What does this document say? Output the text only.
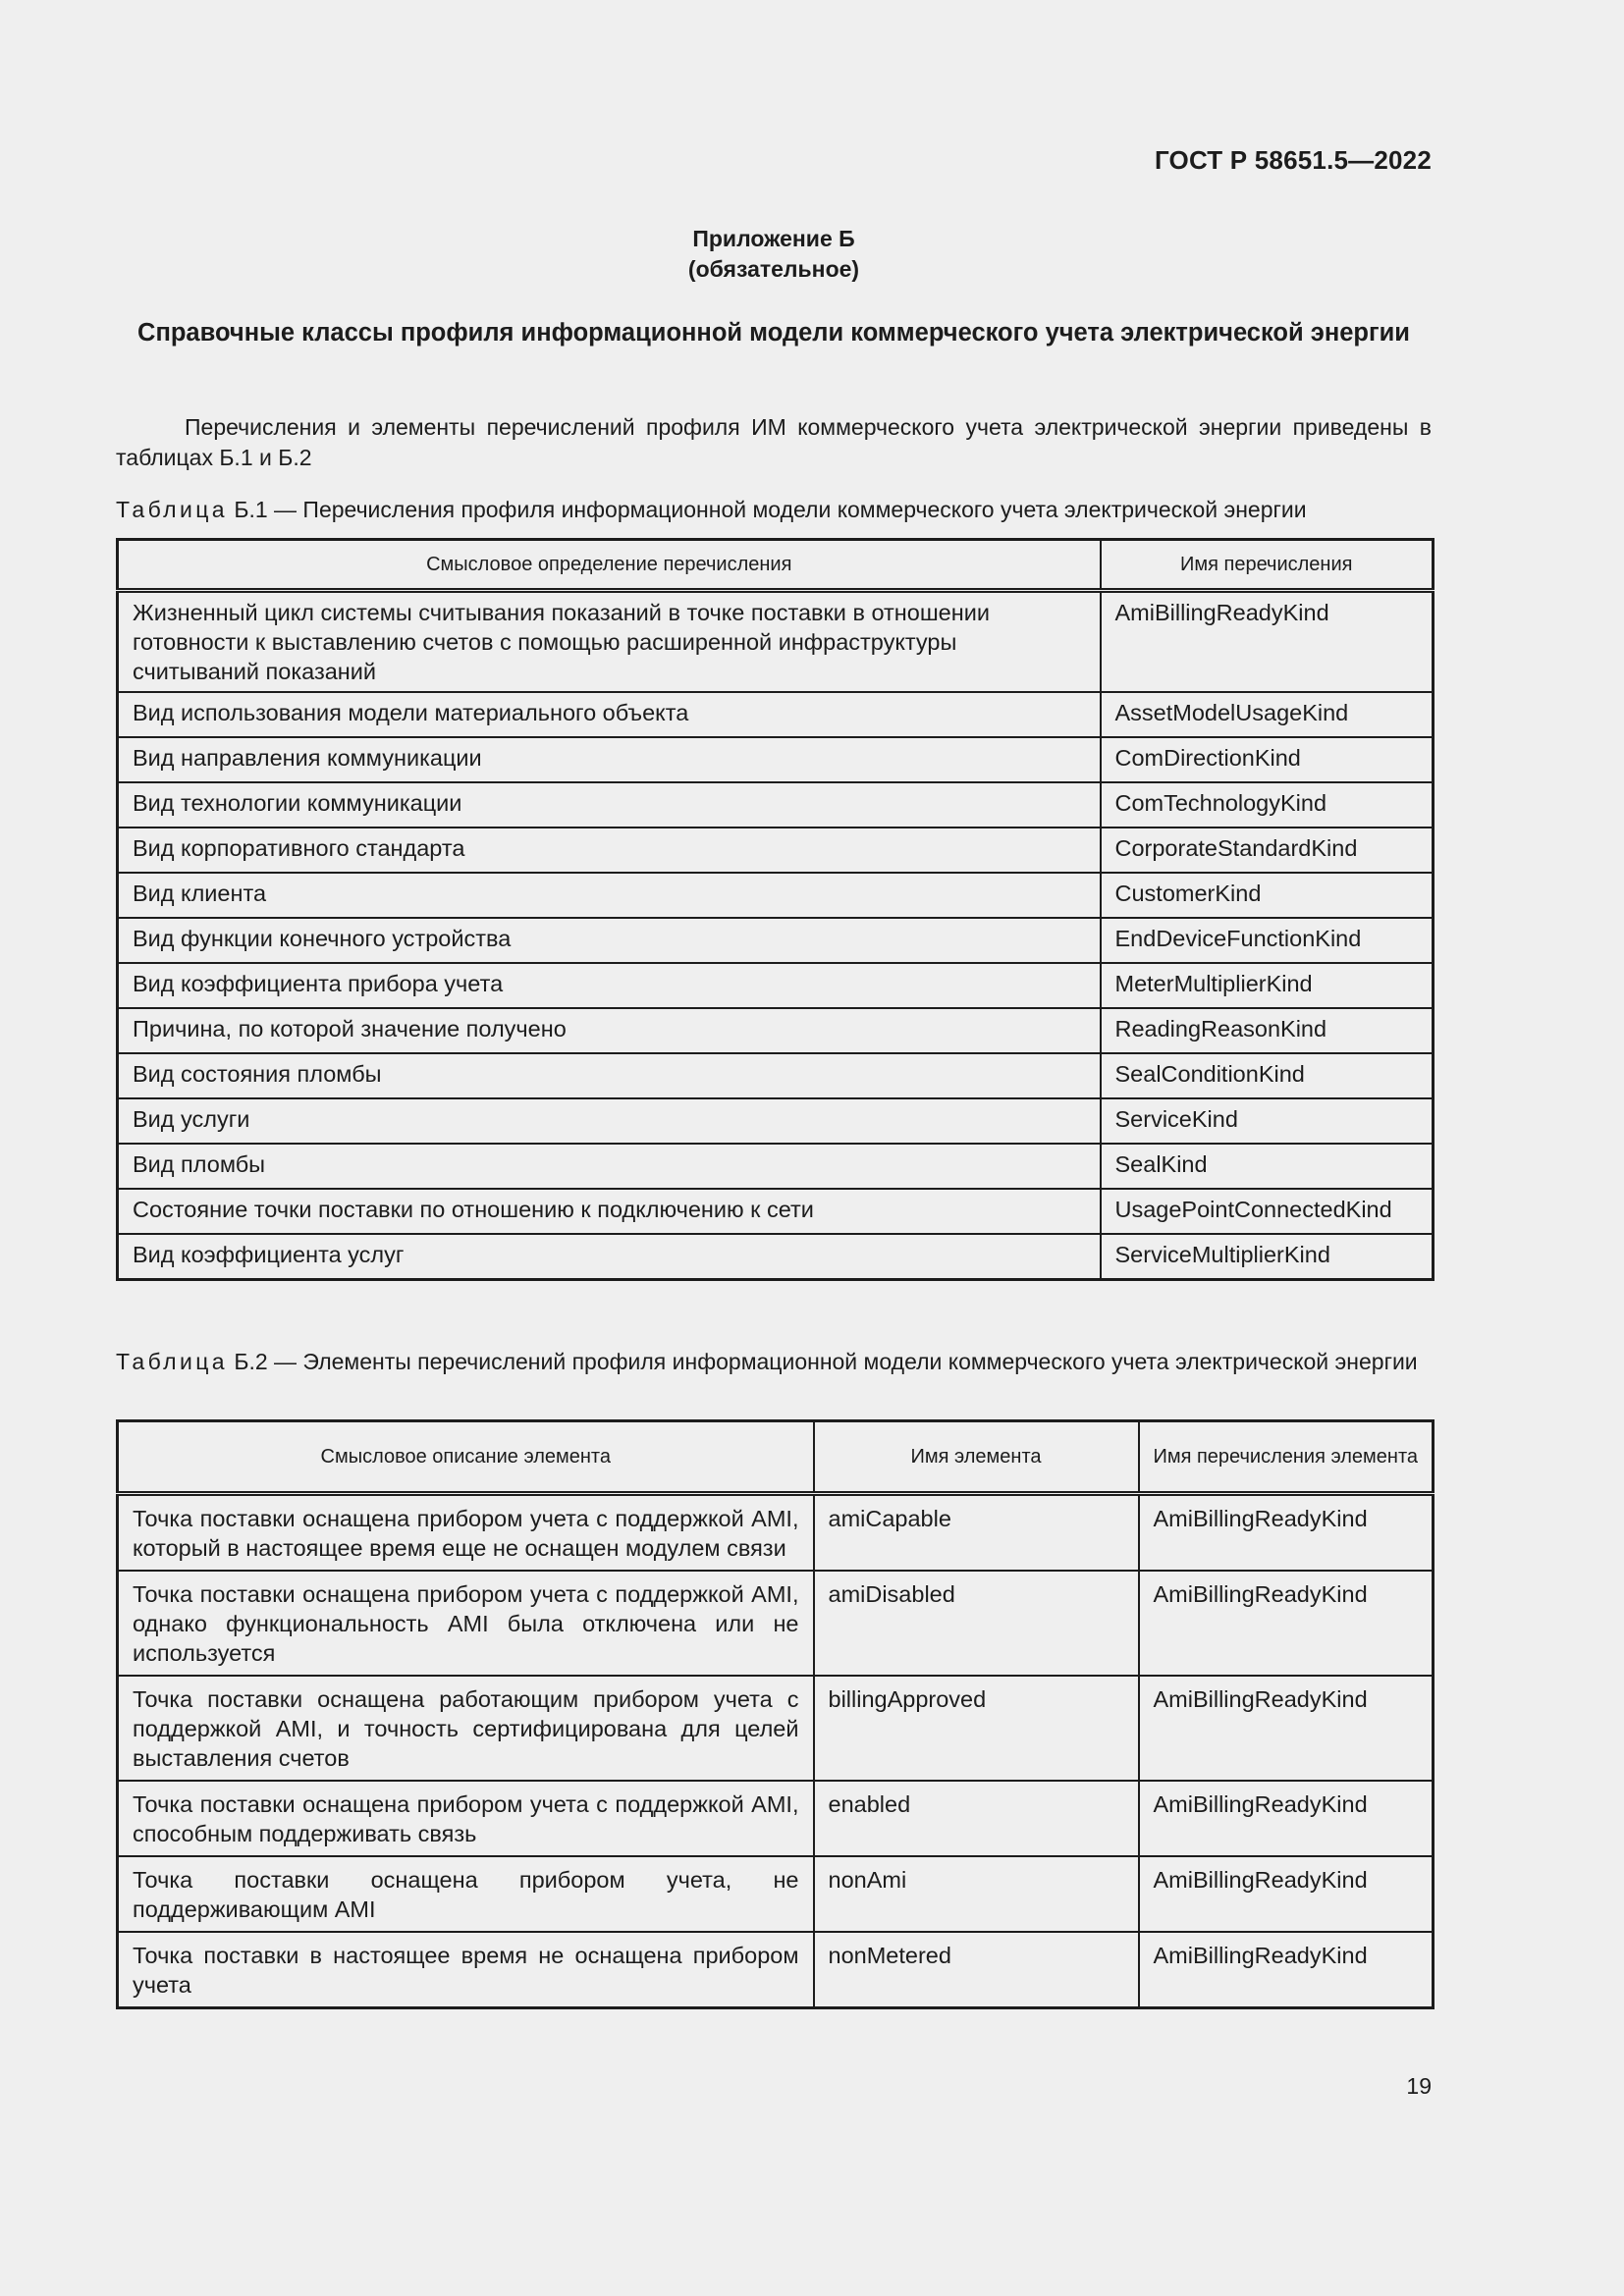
ГОСТ Р 58651.5—2022
Приложение Б
(обязательное)
Справочные классы профиля информационной модели коммерческого учета электрической энергии
Перечисления и элементы перечислений профиля ИМ коммерческого учета электрической энергии приведены в таблицах Б.1 и Б.2
Таблица Б.1 — Перечисления профиля информационной модели коммерческого учета электрической энергии
Смысловое определение перечисления	Имя перечисления
Жизненный цикл системы считывания показаний в точке поставки в отношении готовности к выставлению счетов с помощью расширенной инфраструктуры считываний показаний	AmiBillingReadyKind
Вид использования модели материального объекта	AssetModelUsageKind
Вид направления коммуникации	ComDirectionKind
Вид технологии коммуникации	ComTechnologyKind
Вид корпоративного стандарта	CorporateStandardKind
Вид клиента	CustomerKind
Вид функции конечного устройства	EndDeviceFunctionKind
Вид коэффициента прибора учета	MeterMultiplierKind
Причина, по которой значение получено	ReadingReasonKind
Вид состояния пломбы	SealConditionKind
Вид услуги	ServiceKind
Вид пломбы	SealKind
Состояние точки поставки по отношению к подключению к сети	UsagePointConnectedKind
Вид коэффициента услуг	ServiceMultiplierKind
Таблица Б.2 — Элементы перечислений профиля информационной модели коммерческого учета электрической энергии
Смысловое описание элемента	Имя элемента	Имя перечисления элемента
Точка поставки оснащена прибором учета с поддержкой AMI, который в настоящее время еще не оснащен модулем связи	amiCapable	AmiBillingReadyKind
Точка поставки оснащена прибором учета с поддержкой AMI, однако функциональность AMI была отключена или не используется	amiDisabled	AmiBillingReadyKind
Точка поставки оснащена работающим прибором учета с поддержкой AMI, и точность сертифицирована для целей выставления счетов	billingApproved	AmiBillingReadyKind
Точка поставки оснащена прибором учета с поддержкой AMI, способным поддерживать связь	enabled	AmiBillingReadyKind
Точка поставки оснащена прибором учета, не поддерживающим AMI	nonAmi	AmiBillingReadyKind
Точка поставки в настоящее время не оснащена прибором учета	nonMetered	AmiBillingReadyKind
19
